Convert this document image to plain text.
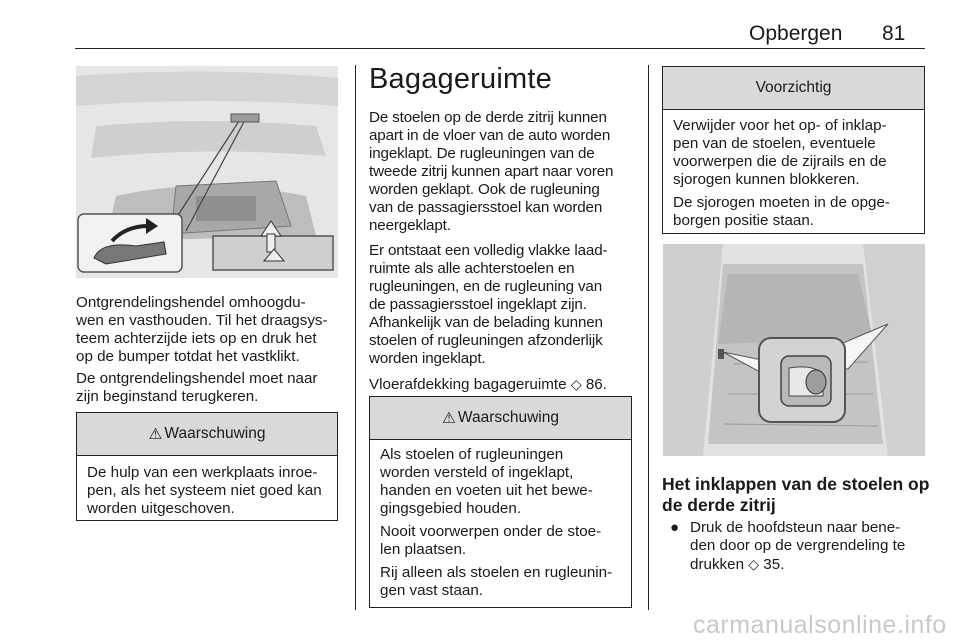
Opbergen 81

Ontgrendelingshendel omhoogdu-
wen en vasthouden. Til het draagsys-
teem achterzijde iets op en druk het
op de bumper totdat het vastklikt.

De ontgrendelingshendel moet naar
zijn beginstand terugkeren.

⚠ Waarschuwing

De hulp van een werkplaats inroe-
pen, als het systeem niet goed kan
worden uitgeschoven.

Bagageruimte

De stoelen op de derde zitrij kunnen
apart in de vloer van de auto worden
ingeklapt. De rugleuningen van de
tweede zitrij kunnen apart naar voren
worden geklapt. Ook de rugleuning
van de passagiersstoel kan worden
neergeklapt.

Er ontstaat een volledig vlakke laad-
ruimte als alle achterstoelen en
rugleuningen, en de rugleuning van
de passagiersstoel ingeklapt zijn.
Afhankelijk van de belading kunnen
stoelen of rugleuningen afzonderlijk
worden ingeklapt.

Vloerafdekking bagageruimte ◇ 86.

⚠ Waarschuwing

Als stoelen of rugleuningen
worden versteld of ingeklapt,
handen en voeten uit het bewe-
gingsgebied houden.

Nooit voorwerpen onder de stoe-
len plaatsen.

Rij alleen als stoelen en rugleunin-
gen vast staan.

Voorzichtig

Verwijder voor het op- of inklap-
pen van de stoelen, eventuele
voorwerpen die de zijrails en de
sjorogen kunnen blokkeren.

De sjorogen moeten in de opge-
borgen positie staan.

Het inklappen van de stoelen op
de derde zitrij
● Druk de hoofdsteun naar bene-
den door op de vergrendeling te
drukken ◇ 35.

carmanualsonline.info
